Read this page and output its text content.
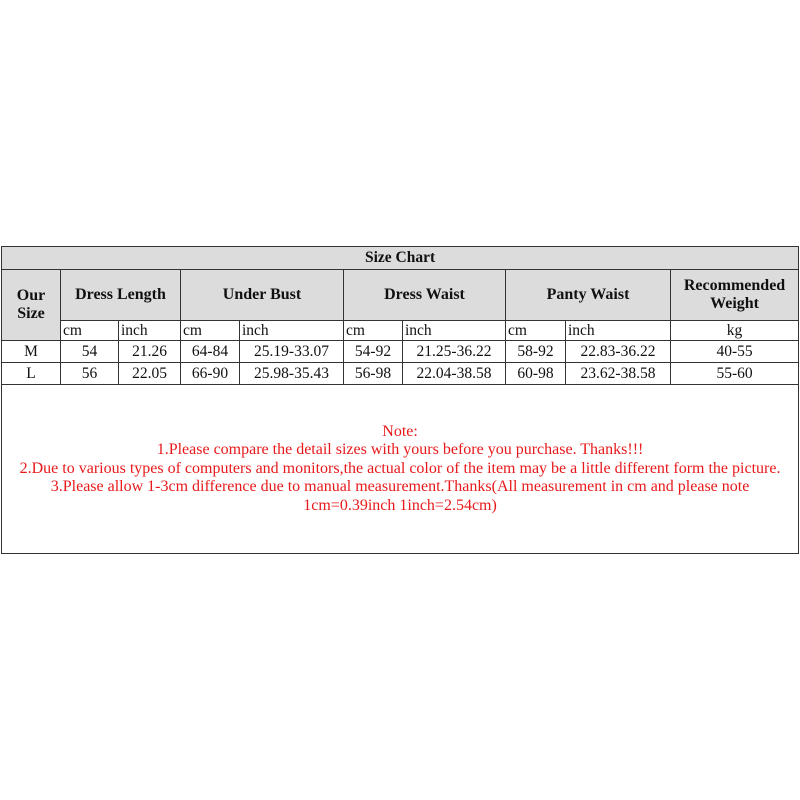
Size Chart									
Our Size	Dress Length		Under Bust		Dress Waist		Panty Waist		Recommended Weight
	cm	inch	cm	inch	cm	inch	cm	inch	kg
M	54	21.26	64-84	25.19-33.07	54-92	21.25-36.22	58-92	22.83-36.22	40-55
L	56	22.05	66-90	25.98-35.43	56-98	22.04-38.58	60-98	23.62-38.58	55-60

Note:
1.Please compare the detail sizes with yours before you purchase. Thanks!!!
2.Due to various types of computers and monitors,the actual color of the item may be a little different form the picture.
3.Please allow 1-3cm difference due to manual measurement.Thanks(All measurement in cm and please note 1cm=0.39inch 1inch=2.54cm)									
